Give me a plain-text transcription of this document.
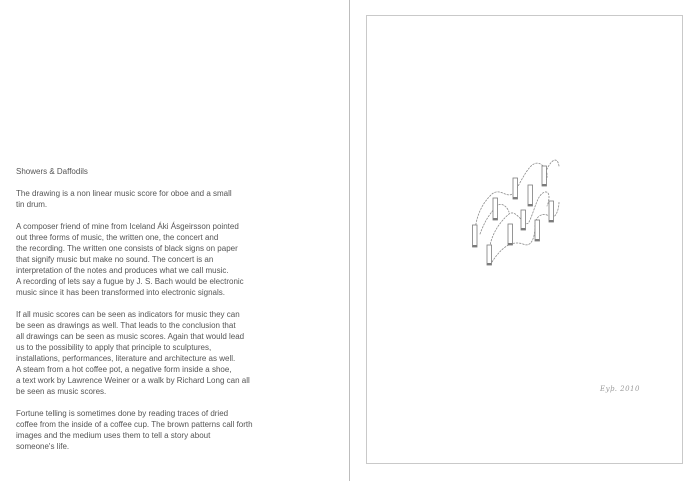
Showers & Daffodils
The drawing is a non linear music score for oboe and a small
tin drum.
A composer friend of mine from Iceland Áki Ásgeirsson pointed
out three forms of music, the written one, the concert and
the recording. The written one consists of black signs on paper
that signify music but make no sound. The concert is an
interpretation of the notes and produces what we call music.
A recording of lets say a fugue by J. S. Bach would be electronic
music since it has been transformed into electronic signals.
If all music scores can be seen as indicators for music they can
be seen as drawings as well. That leads to the conclusion that
all drawings can be seen as music scores. Again that would lead
us to the possibility to apply that principle to sculptures,
installations, performances, literature and architecture as well.
A steam from a hot coffee pot, a negative form inside a shoe,
a text work by Lawrence Weiner or a walk by Richard Long can all
be seen as music scores.
Fortune telling is sometimes done by reading traces of dried
coffee from the inside of a coffee cup. The brown patterns call forth
images and the medium uses them to tell a story about
someone's life.
Eyþ. 2010
